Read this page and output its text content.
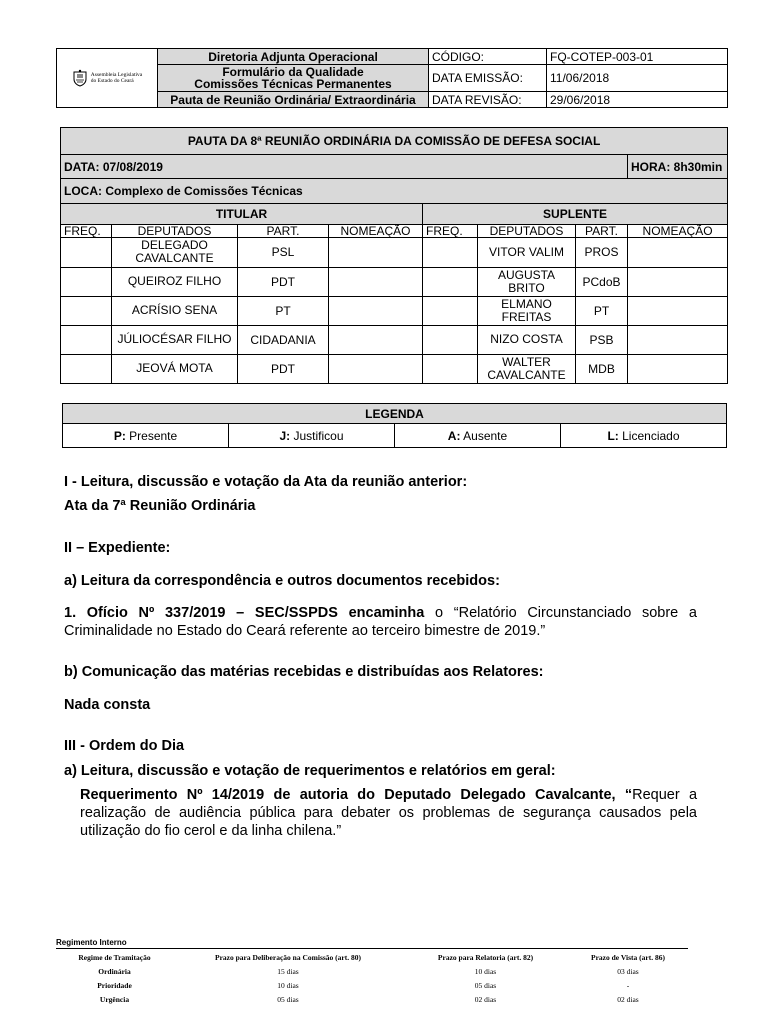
Assembleia Legislativa
do Estado do Ceará	Diretoria Adjunta Operacional	CÓDIGO:	FQ-COTEP-003-01

	Formulário da Qualidade
Comissões Técnicas Permanentes	DATA EMISSÃO:	11/06/2018
	Pauta de Reunião Ordinária/ Extraordinária	DATA REVISÃO:	29/06/2018
PAUTA DA 8ª REUNIÃO ORDINÁRIA DA COMISSÃO DE DEFESA SOCIAL							
DATA: 07/08/2019							HORA: 8h30min
LOCA: Complexo de Comissões Técnicas							
TITULAR				SUPLENTE			
FREQ.	DEPUTADOS	PART.	NOMEAÇÃO	FREQ.	DEPUTADOS	PART.	NOMEAÇÃO
	DELEGADO CAVALCANTE	PSL			VITOR VALIM	PROS	
	QUEIROZ FILHO	PDT			AUGUSTA BRITO	PCdoB	
	ACRÍSIO SENA	PT			ELMANO FREITAS	PT	
	JÚLIOCÉSAR FILHO	CIDADANIA			NIZO COSTA	PSB	
	JEOVÁ MOTA	PDT			WALTER CAVALCANTE	MDB	
LEGENDA
P: Presente	J: Justificou	A: Ausente	L: Licenciado
I - Leitura, discussão e votação da Ata da reunião anterior:
Ata da 7ª Reunião Ordinária
II – Expediente:
a) Leitura da correspondência e outros documentos recebidos:
1. Ofício Nº 337/2019 – SEC/SSPDS encaminha o “Relatório Circunstanciado sobre a Criminalidade no Estado do Ceará referente ao terceiro bimestre de 2019.”
b) Comunicação das matérias recebidas e distribuídas aos Relatores:
Nada consta
III - Ordem do Dia
a) Leitura, discussão e votação de requerimentos e relatórios em geral:
Requerimento Nº 14/2019 de autoria do Deputado Delegado Cavalcante, “Requer a realização de audiência pública para debater os problemas de segurança causados pela utilização do fio cerol e da linha chilena.”
Regimento Interno
Regime de Tramitação	Prazo para Deliberação na Comissão (art. 80)	Prazo para Relatoria (art. 82)	Prazo de Vista (art. 86)
Ordinária	15 dias	10 dias	03 dias
Prioridade	10 dias	05 dias	-
Urgência	05 dias	02 dias	02 dias
